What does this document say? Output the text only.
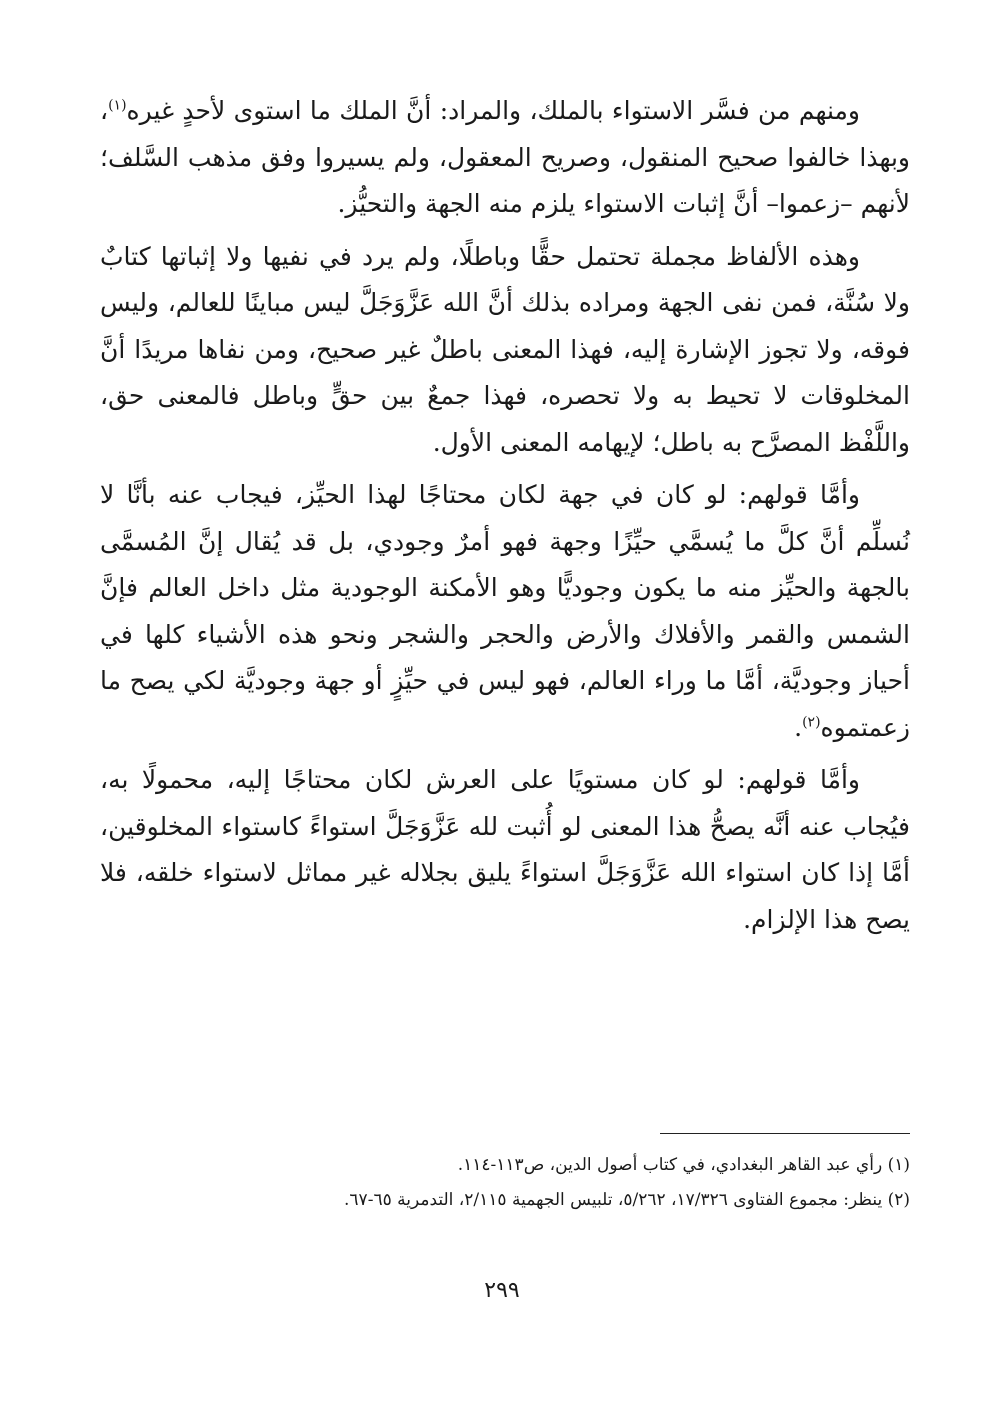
ومنهم من فسَّر الاستواء بالملك، والمراد: أنَّ الملك ما استوى لأحدٍ غيره$^{(١)}$، وبهذا خالفوا صحيح المنقول، وصريح المعقول، ولم يسيروا وفق مذهب السَّلف؛ لأنهم –زعموا– أنَّ إثبات الاستواء يلزم منه الجهة والتحيُّز.

وهذه الألفاظ مجملة تحتمل حقًّا وباطلًا، ولم يرد في نفيها ولا إثباتها كتابٌ ولا سُنَّة، فمن نفى الجهة ومراده بذلك أنَّ الله عَزَّوَجَلَّ ليس مباينًا للعالم، وليس فوقه، ولا تجوز الإشارة إليه، فهذا المعنى باطلٌ غير صحيح، ومن نفاها مريدًا أنَّ المخلوقات لا تحيط به ولا تحصره، فهذا جمعٌ بين حقٍّ وباطل فالمعنى حق، واللَّفْظ المصرَّح به باطل؛ لإيهامه المعنى الأول.

وأمَّا قولهم: لو كان في جهة لكان محتاجًا لهذا الحيِّز، فيجاب عنه بأنَّا لا نُسلِّم أنَّ كلَّ ما يُسمَّي حيِّزًا وجهة فهو أمرٌ وجودي، بل قد يُقال إنَّ المُسمَّى بالجهة والحيِّز منه ما يكون وجوديًّا وهو الأمكنة الوجودية مثل داخل العالم فإنَّ الشمس والقمر والأفلاك والأرض والحجر والشجر ونحو هذه الأشياء كلها في أحياز وجوديَّة، أمَّا ما وراء العالم، فهو ليس في حيِّزٍ أو جهة وجوديَّة لكي يصح ما زعمتموه$^{(٢)}$.

وأمَّا قولهم: لو كان مستويًا على العرش لكان محتاجًا إليه، محمولًا به، فيُجاب عنه أنَّه يصحُّ هذا المعنى لو أُثبت لله عَزَّوَجَلَّ استواءً كاستواء المخلوقين، أمَّا إذا كان استواء الله عَزَّوَجَلَّ استواءً يليق بجلاله غير مماثل لاستواء خلقه، فلا يصح هذا الإلزام.

(١) رأي عبد القاهر البغدادي، في كتاب أصول الدين، ص١١٣-١١٤.

(٢) ينظر: مجموع الفتاوى ١٧/٣٢٦، ٥/٢٦٢، تلبيس الجهمية ٢/١١٥، التدمرية ٦٥-٦٧.

٢٩٩
